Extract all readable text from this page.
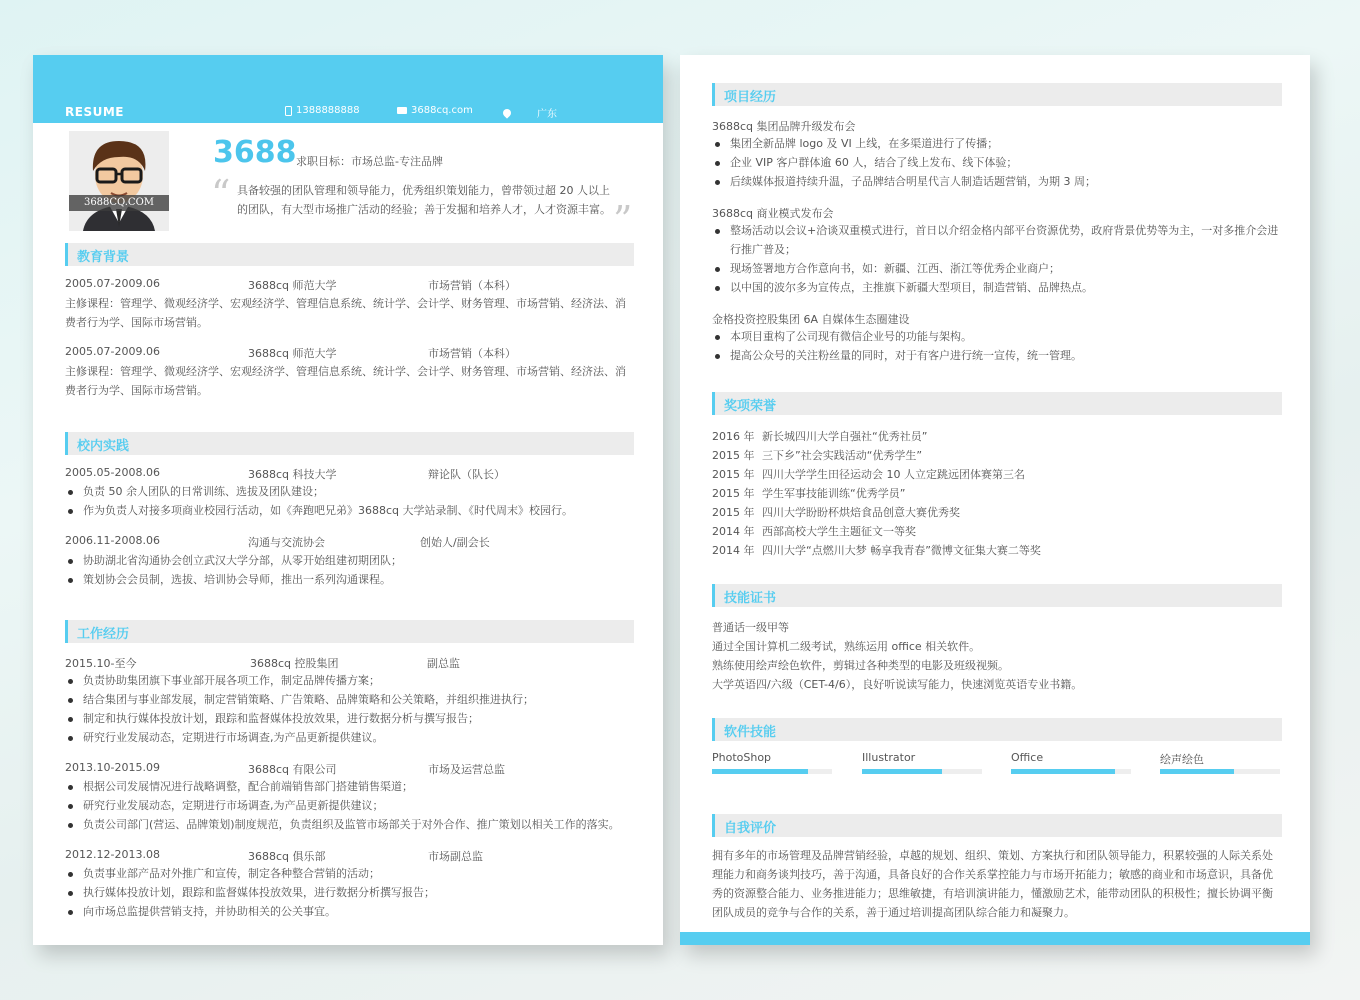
RESUME	1388888888	3688cq.com	广东
3688CQ.COM
3688 求职目标：市场总监-专注品牌
“ 具备较强的团队管理和领导能力，优秀组织策划能力，曾带领过超 20 人以上的团队，有大型市场推广活动的经验；善于发掘和培养人才，人才资源丰富。 ”
教育背景
2005.07-2009.06	3688cq 师范大学	市场营销（本科）
主修课程：管理学、微观经济学、宏观经济学、管理信息系统、统计学、会计学、财务管理、市场营销、经济法、消费者行为学、国际市场营销。
2005.07-2009.06	3688cq 师范大学	市场营销（本科）
主修课程：管理学、微观经济学、宏观经济学、管理信息系统、统计学、会计学、财务管理、市场营销、经济法、消费者行为学、国际市场营销。
校内实践
2005.05-2008.06	3688cq 科技大学	辩论队（队长）
负责 50 余人团队的日常训练、选拔及团队建设；
作为负责人对接多项商业校园行活动，如《奔跑吧兄弟》3688cq 大学站录制、《时代周末》校园行。
2006.11-2008.06	沟通与交流协会	创始人/副会长
协助湖北省沟通协会创立武汉大学分部，从零开始组建初期团队；
策划协会会员制，选拔、培训协会导师，推出一系列沟通课程。
工作经历
2015.10-至今	3688cq 控股集团	副总监
负责协助集团旗下事业部开展各项工作，制定品牌传播方案；
结合集团与事业部发展，制定营销策略、广告策略、品牌策略和公关策略，并组织推进执行；
制定和执行媒体投放计划，跟踪和监督媒体投放效果，进行数据分析与撰写报告；
研究行业发展动态，定期进行市场调查,为产品更新提供建议。
2013.10-2015.09	3688cq 有限公司	市场及运营总监
根据公司发展情况进行战略调整，配合前端销售部门搭建销售渠道；
研究行业发展动态，定期进行市场调查,为产品更新提供建议；
负责公司部门(营运、品牌策划)制度规范，负责组织及监管市场部关于对外合作、推广策划以相关工作的落实。
2012.12-2013.08	3688cq 俱乐部	市场副总监
负责事业部产品对外推广和宣传，制定各种整合营销的活动；
执行媒体投放计划，跟踪和监督媒体投放效果，进行数据分析撰写报告；
向市场总监提供营销支持，并协助相关的公关事宜。
项目经历
3688cq 集团品牌升级发布会
集团全新品牌 logo 及 VI 上线，在多渠道进行了传播；
企业 VIP 客户群体逾 60 人，结合了线上发布、线下体验；
后续媒体报道持续升温，子品牌结合明星代言人制造话题营销，为期 3 周；
3688cq 商业模式发布会
整场活动以会议+洽谈双重模式进行，首日以介绍金格内部平台资源优势，政府背景优势等为主，一对多推介会进行推广普及；
现场签署地方合作意向书，如：新疆、江西、浙江等优秀企业商户；
以中国的波尔多为宣传点，主推旗下新疆大型项目，制造营销、品牌热点。
金格投资控股集团 6A 自媒体生态圈建设
本项目重构了公司现有微信企业号的功能与架构。
提高公众号的关注粉丝量的同时，对于有客户进行统一宣传，统一管理。
奖项荣誉
2016 年 新长城四川大学自强社“优秀社员”
2015 年 三下乡”社会实践活动“优秀学生”
2015 年 四川大学学生田径运动会 10 人立定跳远团体赛第三名
2015 年 学生军事技能训练“优秀学员”
2015 年 四川大学盼盼杯烘焙食品创意大赛优秀奖
2014 年 西部高校大学生主题征文一等奖
2014 年 四川大学“点燃川大梦 畅享我青春”微博文征集大赛二等奖
技能证书
普通话一级甲等
通过全国计算机二级考试，熟练运用 office 相关软件。
熟练使用绘声绘色软件，剪辑过各种类型的电影及班级视频。
大学英语四/六级（CET-4/6），良好听说读写能力，快速浏览英语专业书籍。
软件技能
PhotoShop	Illustrator	Office	绘声绘色
自我评价
拥有多年的市场管理及品牌营销经验，卓越的规划、组织、策划、方案执行和团队领导能力，积累较强的人际关系处理能力和商务谈判技巧，善于沟通，具备良好的合作关系掌控能力与市场开拓能力；敏感的商业和市场意识，具备优秀的资源整合能力、业务推进能力；思维敏捷，有培训演讲能力，懂激励艺术，能带动团队的积极性；擅长协调平衡团队成员的竞争与合作的关系，善于通过培训提高团队综合能力和凝聚力。
